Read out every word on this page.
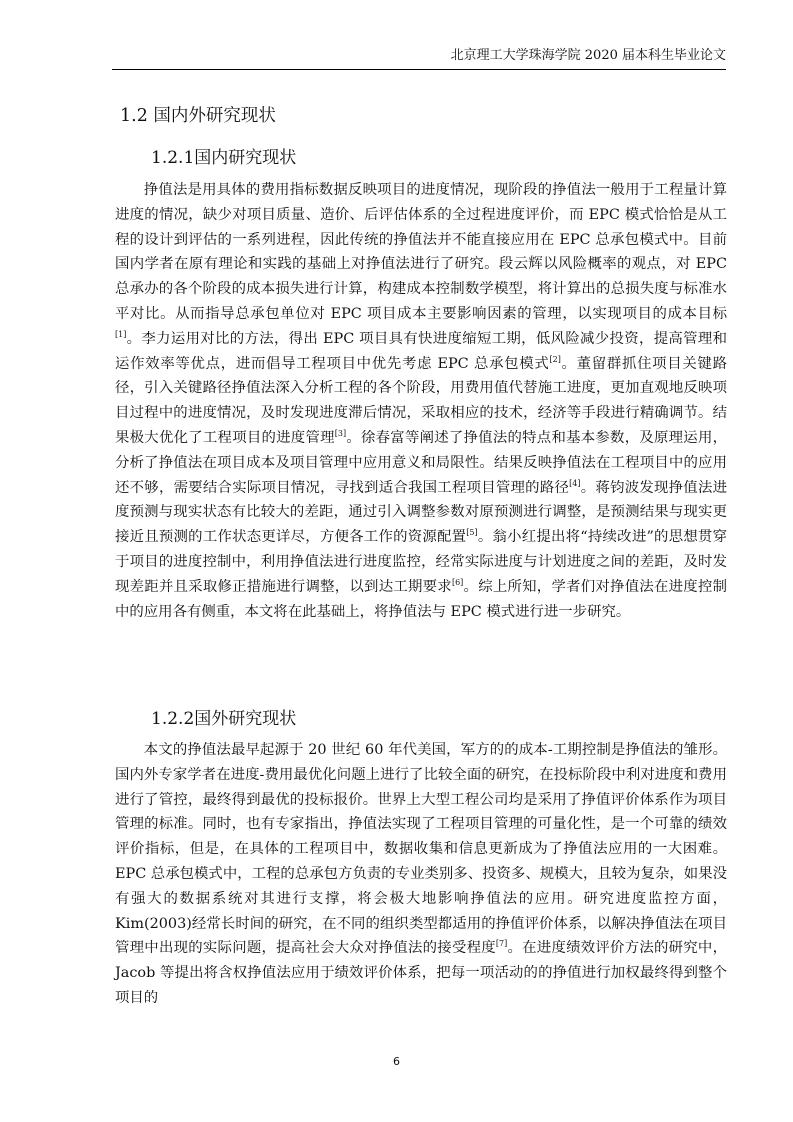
北京理工大学珠海学院 2020 届本科生毕业论文
1.2 国内外研究现状
1.2.1国内研究现状

挣值法是用具体的费用指标数据反映项目的进度情况，现阶段的挣值法一般用于工程量计算进度的情况，缺少对项目质量、造价、后评估体系的全过程进度评价，而 EPC 模式恰恰是从工程的设计到评估的一系列进程，因此传统的挣值法并不能直接应用在 EPC 总承包模式中。目前国内学者在原有理论和实践的基础上对挣值法进行了研究。段云辉以风险概率的观点，对 EPC 总承办的各个阶段的成本损失进行计算，构建成本控制数学模型，将计算出的总损失度与标准水平对比。从而指导总承包单位对 EPC 项目成本主要影响因素的管理，以实现项目的成本目标

[1]

。李力运用对比的方法，得出 EPC 项目具有快进度缩短工期，低风险减少投资，提高管理和运作效率等优点，进而倡导工程项目中优先考虑 EPC 总承包模式

[2]

。董留群抓住项目关键路径，引入关键路径挣值法深入分析工程的各个阶段，用费用值代替施工进度，更加直观地反映项目过程中的进度情况，及时发现进度滞后情况，采取相应的技术，经济等手段进行精确调节。结果极大优化了工程项目的进度管理

[3]

。徐春富等阐述了挣值法的特点和基本参数，及原理运用，分析了挣值法在项目成本及项目管理中应用意义和局限性。结果反映挣值法在工程项目中的应用还不够，需要结合实际项目情况，寻找到适合我国工程项目管理的路径

[4]

。蒋钧波发现挣值法进度预测与现实状态有比较大的差距，通过引入调整参数对原预测进行调整，是预测结果与现实更接近且预测的工作状态更详尽，方便各工作的资源配置

[5]

。翁小红提出将“持续改进”的思想贯穿于项目的进度控制中，利用挣值法进行进度监控，经常实际进度与计划进度之间的差距，及时发现差距并且采取修正措施进行调整，以到达工期要求

[6]

。综上所知，学者们对挣值法在进度控制中的应用各有侧重，本文将在此基础上，将挣值法与 EPC 模式进行进一步研究。

1.2.2国外研究现状

本文的挣值法最早起源于 20 世纪 60 年代美国，军方的的成本-工期控制是挣值法的雏形。国内外专家学者在进度-费用最优化问题上进行了比较全面的研究，在投标阶段中利对进度和费用进行了管控，最终得到最优的投标报价。世界上大型工程公司均是采用了挣值评价体系作为项目管理的标准。同时，也有专家指出，挣值法实现了工程项目管理的可量化性，是一个可靠的绩效评价指标，但是，在具体的工程项目中，数据收集和信息更新成为了挣值法应用的一大困难。EPC 总承包模式中，工程的总承包方负责的专业类别多、投资多、规模大，且较为复杂，如果没有强大的数据系统对其进行支撑，将会极大地影响挣值法的应用。研究进度监控方面，Kim(2003)经常长时间的研究，在不同的组织类型都适用的挣值评价体系，以解决挣值法在项目管理中出现的实际问题，提高社会大众对挣值法的接受程度

[7]

。在进度绩效评价方法的研究中，Jacob 等提出将含权挣值法应用于绩效评价体系，把每一项活动的的挣值进行加权最终得到整个项目的

6
